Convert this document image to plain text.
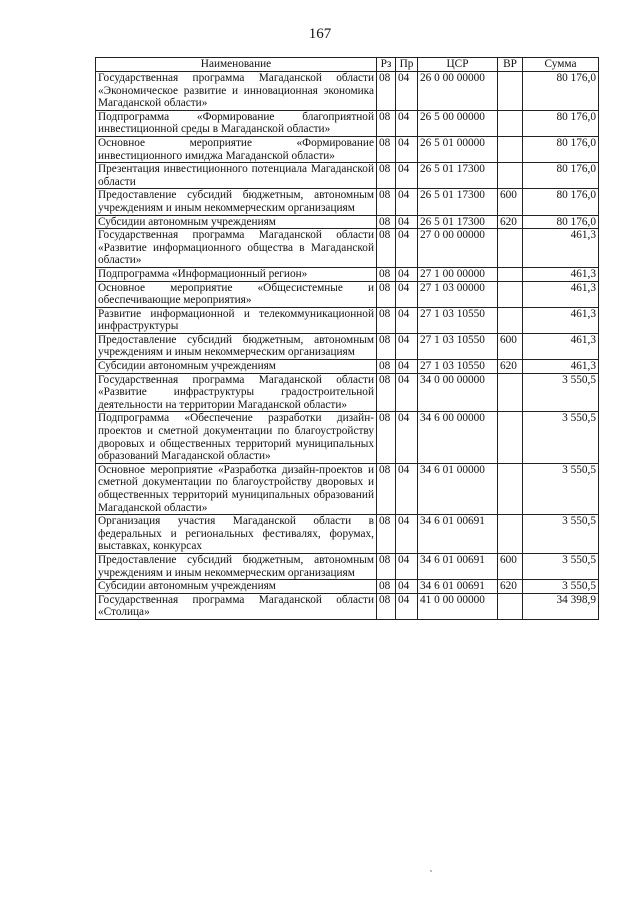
167
Наименование	Рз	Пр	ЦСР	ВР	Сумма
Государственная программа Магаданской области «Экономическое развитие и инновационная экономика Магаданской области»	08	04	26 0 00 00000		80 176,0
Подпрограмма «Формирование благоприятной инвестиционной среды в Магаданской области»	08	04	26 5 00 00000		80 176,0
Основное мероприятие «Формирование инвестиционного имиджа Магаданской области»	08	04	26 5 01 00000		80 176,0
Презентация инвестиционного потенциала Магаданской области	08	04	26 5 01 17300		80 176,0
Предоставление субсидий бюджетным, автономным учреждениям и иным некоммерческим организациям	08	04	26 5 01 17300	600	80 176,0
Субсидии автономным учреждениям	08	04	26 5 01 17300	620	80 176,0
Государственная программа Магаданской области «Развитие информационного общества в Магаданской области»	08	04	27 0 00 00000		461,3
Подпрограмма «Информационный регион»	08	04	27 1 00 00000		461,3
Основное мероприятие «Общесистемные и обеспечивающие мероприятия»	08	04	27 1 03 00000		461,3
Развитие информационной и телекоммуникационной инфраструктуры	08	04	27 1 03 10550		461,3
Предоставление субсидий бюджетным, автономным учреждениям и иным некоммерческим организациям	08	04	27 1 03 10550	600	461,3
Субсидии автономным учреждениям	08	04	27 1 03 10550	620	461,3
Государственная программа Магаданской области «Развитие инфраструктуры градостроительной деятельности на территории Магаданской области»	08	04	34 0 00 00000		3 550,5
Подпрограмма «Обеспечение разработки дизайн-проектов и сметной документации по благоустройству дворовых и общественных территорий муниципальных образований Магаданской области»	08	04	34 6 00 00000		3 550,5
Основное мероприятие «Разработка дизайн-проектов и сметной документации по благоустройству дворовых и общественных территорий муниципальных образований Магаданской области»	08	04	34 6 01 00000		3 550,5
Организация участия Магаданской области в федеральных и региональных фестивалях, форумах, выставках, конкурсах	08	04	34 6 01 00691		3 550,5
Предоставление субсидий бюджетным, автономным учреждениям и иным некоммерческим организациям	08	04	34 6 01 00691	600	3 550,5
Субсидии автономным учреждениям	08	04	34 6 01 00691	620	3 550,5
Государственная программа Магаданской области «Столица»	08	04	41 0 00 00000		34 398,9
